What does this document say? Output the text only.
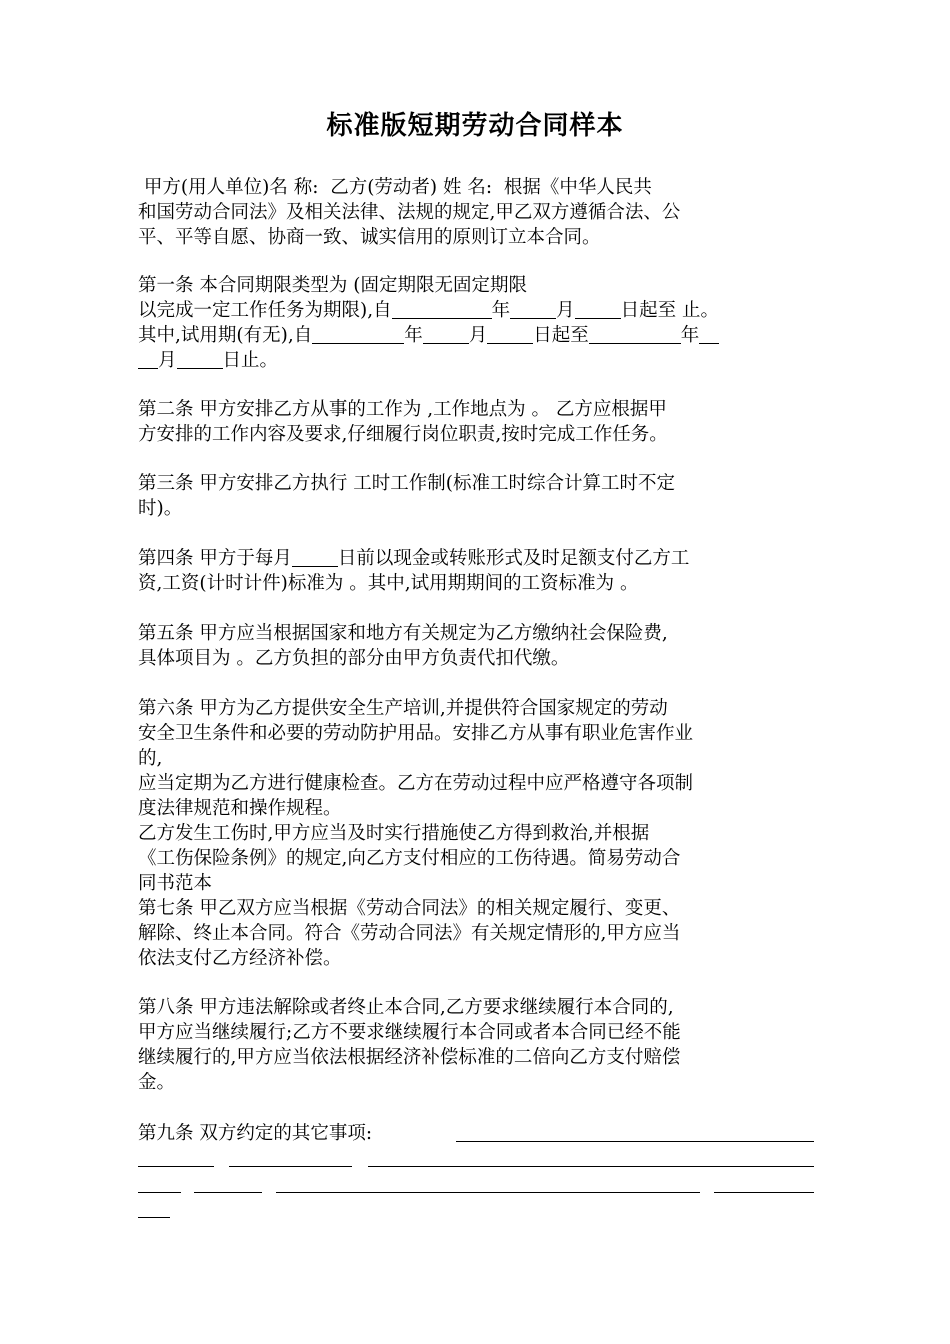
标准版短期劳动合同样本
甲方(用人单位)名 称:  乙方(劳动者) 姓 名:  根据《中华人民共
和国劳动合同法》及相关法律、法规的规定,甲乙双方遵循合法、公
平、平等自愿、协商一致、诚实信用的原则订立本合同。
第一条 本合同期限类型为 (固定期限无固定期限
以完成一定工作任务为期限),自	年 月 日起至 止。
其中,试用期(有无),自	年 月 日起至	年
月 日止。
第二条 甲方安排乙方从事的工作为 ,工作地点为 。 乙方应根据甲
方安排的工作内容及要求,仔细履行岗位职责,按时完成工作任务。
第三条 甲方安排乙方执行 工时工作制(标准工时综合计算工时不定
时)。
第四条 甲方于每月 日前以现金或转账形式及时足额支付乙方工
资,工资(计时计件)标准为 。其中,试用期期间的工资标准为 。
第五条 甲方应当根据国家和地方有关规定为乙方缴纳社会保险费,
具体项目为 。乙方负担的部分由甲方负责代扣代缴。
第六条 甲方为乙方提供安全生产培训,并提供符合国家规定的劳动
安全卫生条件和必要的劳动防护用品。安排乙方从事有职业危害作业
的,
应当定期为乙方进行健康检查。乙方在劳动过程中应严格遵守各项制
度法律规范和操作规程。
乙方发生工伤时,甲方应当及时实行措施使乙方得到救治,并根据
《工伤保险条例》的规定,向乙方支付相应的工伤待遇。简易劳动合
同书范本
第七条 甲乙双方应当根据《劳动合同法》的相关规定履行、变更、
解除、终止本合同。符合《劳动合同法》有关规定情形的,甲方应当
依法支付乙方经济补偿。
第八条 甲方违法解除或者终止本合同,乙方要求继续履行本合同的,
甲方应当继续履行;乙方不要求继续履行本合同或者本合同已经不能
继续履行的,甲方应当依法根据经济补偿标准的二倍向乙方支付赔偿
金。
第九条 双方约定的其它事项:
